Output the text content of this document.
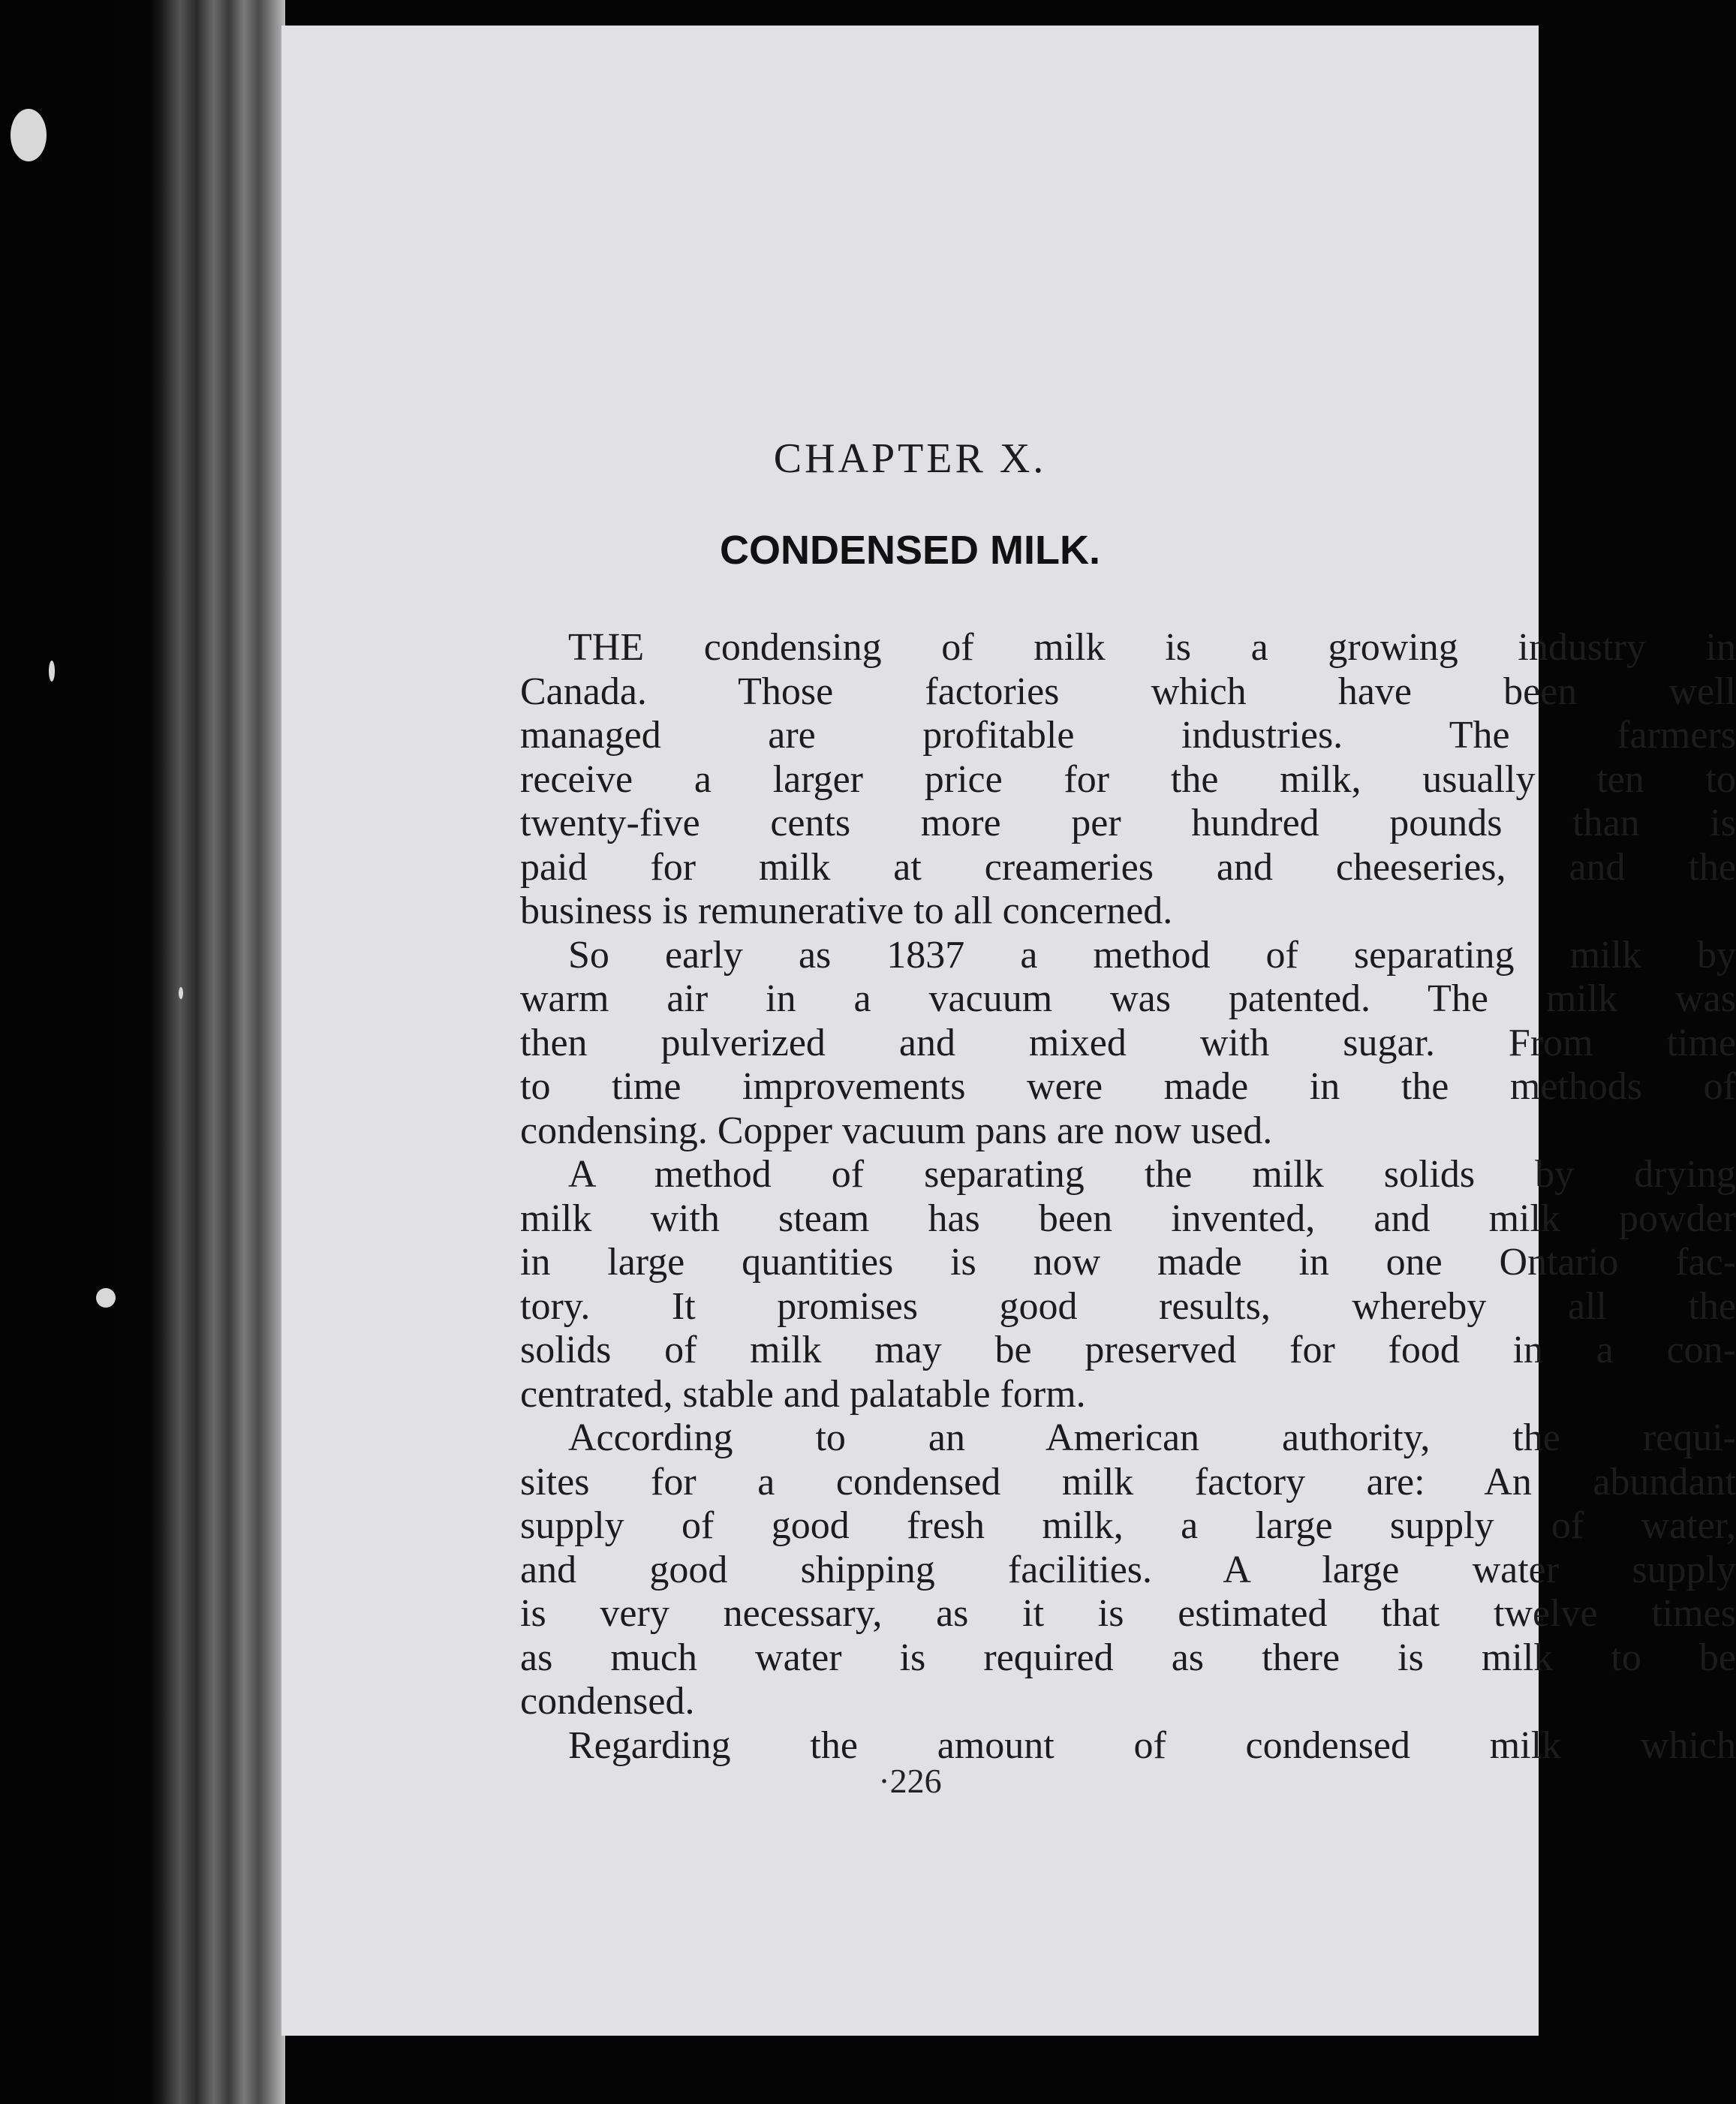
CHAPTER X.
CONDENSED MILK.
THE condensing of milk is a growing industry in
Canada. Those factories which have been well
managed are profitable industries. The farmers
receive a larger price for the milk, usually ten to
twenty-five cents more per hundred pounds than is
paid for milk at creameries and cheeseries, and the
business is remunerative to all concerned.
So early as 1837 a method of separating milk by
warm air in a vacuum was patented. The milk was
then pulverized and mixed with sugar. From time
to time improvements were made in the methods of
condensing. Copper vacuum pans are now used.
A method of separating the milk solids by drying
milk with steam has been invented, and milk powder
in large quantities is now made in one Ontario fac-
tory. It promises good results, whereby all the
solids of milk may be preserved for food in a con-
centrated, stable and palatable form.
According to an American authority, the requi-
sites for a condensed milk factory are: An abundant
supply of good fresh milk, a large supply of water,
and good shipping facilities. A large water supply
is very necessary, as it is estimated that twelve times
as much water is required as there is milk to be
condensed.
Regarding the amount of condensed milk which
·226
